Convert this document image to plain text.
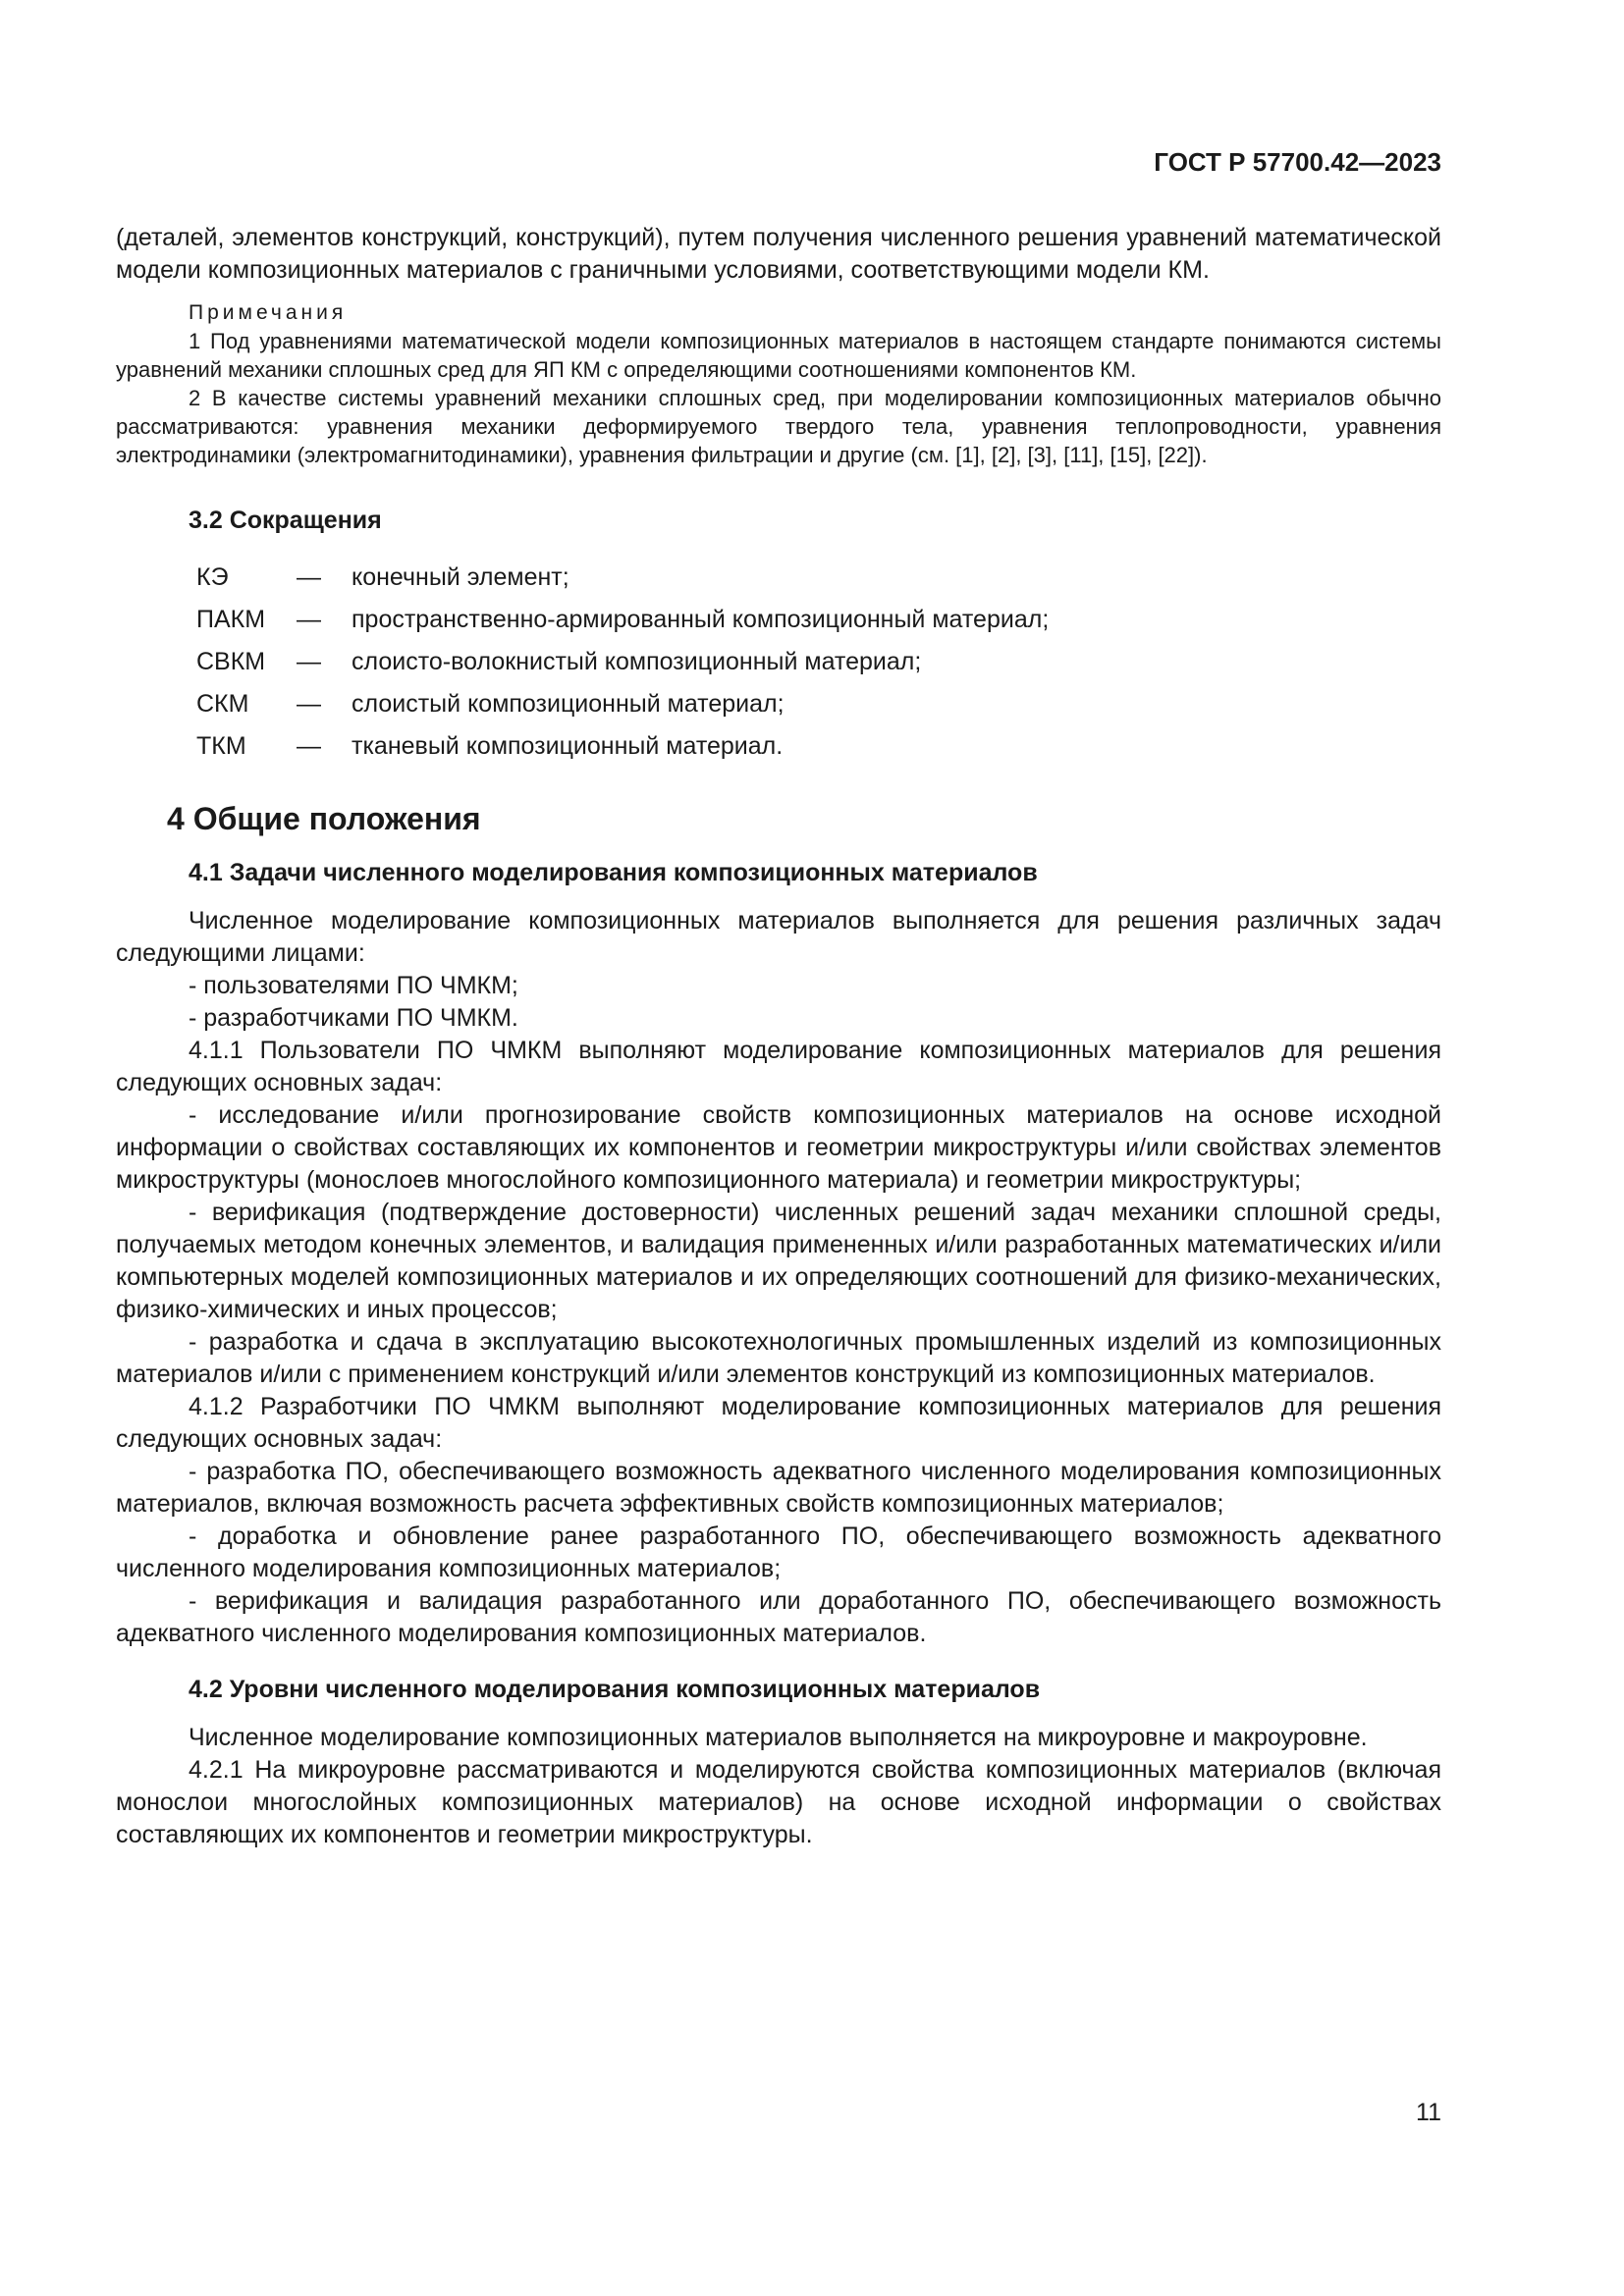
ГОСТ Р 57700.42—2023

(деталей, элементов конструкций, конструкций), путем получения численного решения уравнений математической модели композиционных материалов с граничными условиями, соответствующими модели КМ.

Примечания

1 Под уравнениями математической модели композиционных материалов в настоящем стандарте понимаются системы уравнений механики сплошных сред для ЯП КМ с определяющими соотношениями компонентов КМ.

2 В качестве системы уравнений механики сплошных сред, при моделировании композиционных материалов обычно рассматриваются: уравнения механики деформируемого твердого тела, уравнения теплопроводности, уравнения электродинамики (электромагнитодинамики), уравнения фильтрации и другие (см. [1], [2], [3], [11], [15], [22]).

3.2 Сокращения

КЭ	—	конечный элемент;
ПАКМ	—	пространственно-армированный композиционный материал;
СВКМ	—	слоисто-волокнистый композиционный материал;
СКМ	—	слоистый композиционный материал;
ТКМ	—	тканевый композиционный материал.

4 Общие положения

4.1 Задачи численного моделирования композиционных материалов

Численное моделирование композиционных материалов выполняется для решения различных задач следующими лицами:

- пользователями ПО ЧМКМ;

- разработчиками ПО ЧМКМ.

4.1.1 Пользователи ПО ЧМКМ выполняют моделирование композиционных материалов для решения следующих основных задач:

- исследование и/или прогнозирование свойств композиционных материалов на основе исходной информации о свойствах составляющих их компонентов и геометрии микроструктуры и/или свойствах элементов микроструктуры (монослоев многослойного композиционного материала) и геометрии микроструктуры;

- верификация (подтверждение достоверности) численных решений задач механики сплошной среды, получаемых методом конечных элементов, и валидация примененных и/или разработанных математических и/или компьютерных моделей композиционных материалов и их определяющих соотношений для физико-механических, физико-химических и иных процессов;

- разработка и сдача в эксплуатацию высокотехнологичных промышленных изделий из композиционных материалов и/или с применением конструкций и/или элементов конструкций из композиционных материалов.

4.1.2 Разработчики ПО ЧМКМ выполняют моделирование композиционных материалов для решения следующих основных задач:

- разработка ПО, обеспечивающего возможность адекватного численного моделирования композиционных материалов, включая возможность расчета эффективных свойств композиционных материалов;

- доработка и обновление ранее разработанного ПО, обеспечивающего возможность адекватного численного моделирования композиционных материалов;

- верификация и валидация разработанного или доработанного ПО, обеспечивающего возможность адекватного численного моделирования композиционных материалов.

4.2 Уровни численного моделирования композиционных материалов

Численное моделирование композиционных материалов выполняется на микроуровне и макроуровне.

4.2.1 На микроуровне рассматриваются и моделируются свойства композиционных материалов (включая монослои многослойных композиционных материалов) на основе исходной информации о свойствах составляющих их компонентов и геометрии микроструктуры.

11
